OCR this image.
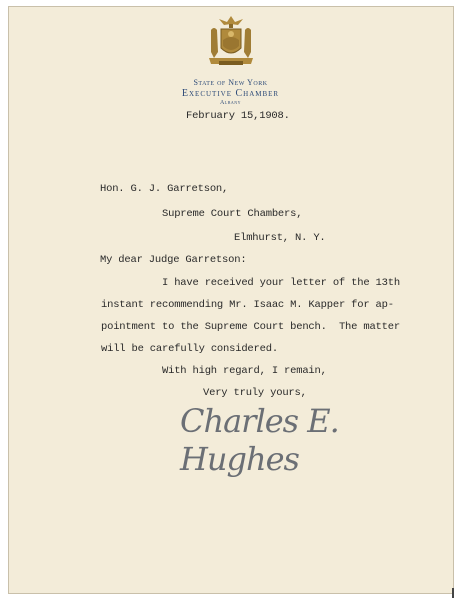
State of New York
Executive Chamber
Albany
February 15,1908.
Hon. G. J. Garretson,
Supreme Court Chambers,
Elmhurst, N. Y.
My dear Judge Garretson:
I have received your letter of the 13th
instant recommending Mr. Isaac M. Kapper for ap-
pointment to the Supreme Court bench.  The matter
will be carefully considered.
With high regard, I remain,
Very truly yours,
Charles E. Hughes
